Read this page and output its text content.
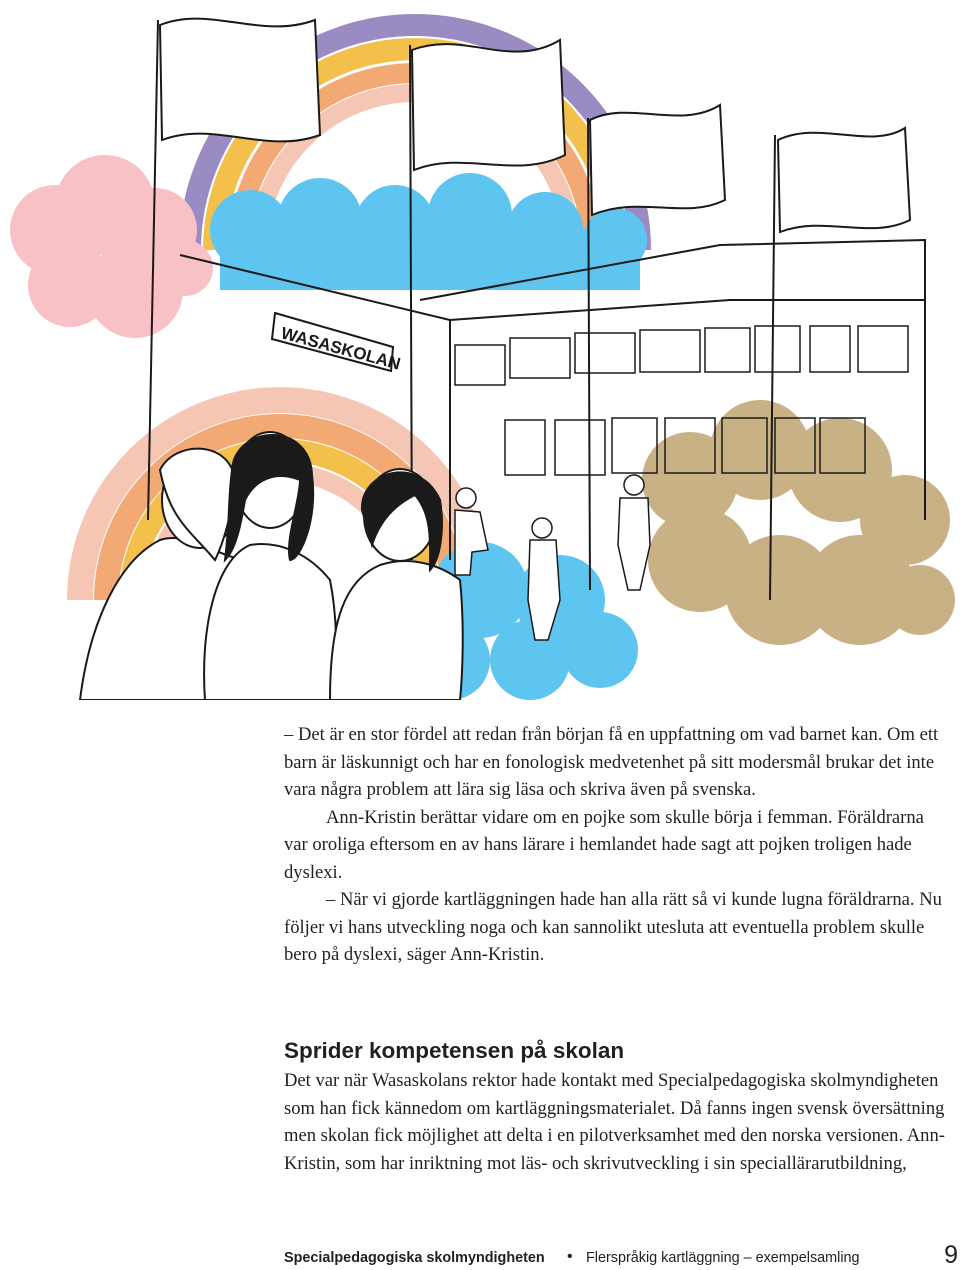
WASASKOLAN

– Det är en stor fördel att redan från början få en uppfattning om vad barnet kan. Om ett barn är läskunnigt och har en fonologisk medvetenhet på sitt modersmål brukar det inte vara några problem att lära sig läsa och skriva även på svenska.

Ann-Kristin berättar vidare om en pojke som skulle börja i femman. Föräldrarna var oroliga eftersom en av hans lärare i hemlandet hade sagt att pojken troligen hade dyslexi.

– När vi gjorde kartläggningen hade han alla rätt så vi kunde lugna föräldrarna. Nu följer vi hans utveckling noga och kan sannolikt utesluta att eventuella problem skulle bero på dyslexi, säger Ann-Kristin.

Sprider kompetensen på skolan

Det var när Wasaskolans rektor hade kontakt med Specialpedagogiska skolmyndigheten som han fick kännedom om kartläggningsmaterialet. Då fanns ingen svensk översättning men skolan fick möjlighet att delta i en pilotverksamhet med den norska versionen. Ann-Kristin, som har inriktning mot läs- och skrivutveckling i sin speciallärarutbildning,

Specialpedagogiska skolmyndigheten • Flerspråkig kartläggning – exempelsamling	9
